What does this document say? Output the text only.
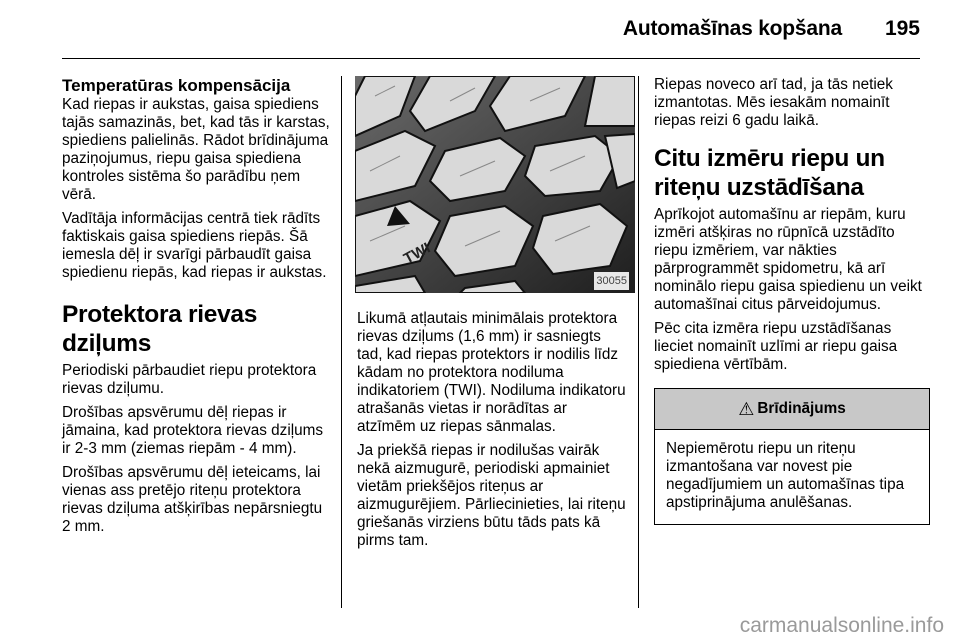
Automašīnas kopšana 195
Temperatūras kompensācija

Kad riepas ir aukstas, gaisa spiediens tajās samazinās, bet, kad tās ir karstas, spiediens palielinās. Rādot brīdinājuma paziņojumus, riepu gaisa spiediena kontroles sistēma šo parādību ņem vērā.

Vadītāja informācijas centrā tiek rādīts faktiskais gaisa spiediens riepās. Šā iemesla dēļ ir svarīgi pārbaudīt gaisa spiedienu riepās, kad riepas ir aukstas.

Protektora rievas dziļums

Periodiski pārbaudiet riepu protektora rievas dziļumu.

Drošības apsvērumu dēļ riepas ir jāmaina, kad protektora rievas dziļums ir 2-3 mm (ziemas riepām - 4 mm).

Drošības apsvērumu dēļ ieteicams, lai vienas ass pretējo riteņu protektora rievas dziļuma atšķirības nepārsniegtu 2 mm.

TWI
30055

Likumā atļautais minimālais protektora rievas dziļums (1,6 mm) ir sasniegts tad, kad riepas protektors ir nodilis līdz kādam no protektora nodiluma indikatoriem (TWI). Nodiluma indikatoru atrašanās vietas ir norādītas ar atzīmēm uz riepas sānmalas.

Ja priekšā riepas ir nodilušas vairāk nekā aizmugurē, periodiski apmainiet vietām priekšējos riteņus ar aizmugurējiem. Pārliecinieties, lai riteņu griešanās virziens būtu tāds pats kā pirms tam.

Riepas noveco arī tad, ja tās netiek izmantotas. Mēs iesakām nomainīt riepas reizi 6 gadu laikā.

Citu izmēru riepu un riteņu uzstādīšana

Aprīkojot automašīnu ar riepām, kuru izmēri atšķiras no rūpnīcā uzstādīto riepu izmēriem, var nākties pārprogrammēt spidometru, kā arī nominālo riepu gaisa spiedienu un veikt automašīnai citus pārveidojumus.

Pēc cita izmēra riepu uzstādīšanas lieciet nomainīt uzlīmi ar riepu gaisa spiediena vērtībām.

⚠ Brīdinājums
Nepiemērotu riepu un riteņu izmantošana var novest pie negadījumiem un automašīnas tipa apstiprinājuma anulēšanas.
carmanualsonline.info
